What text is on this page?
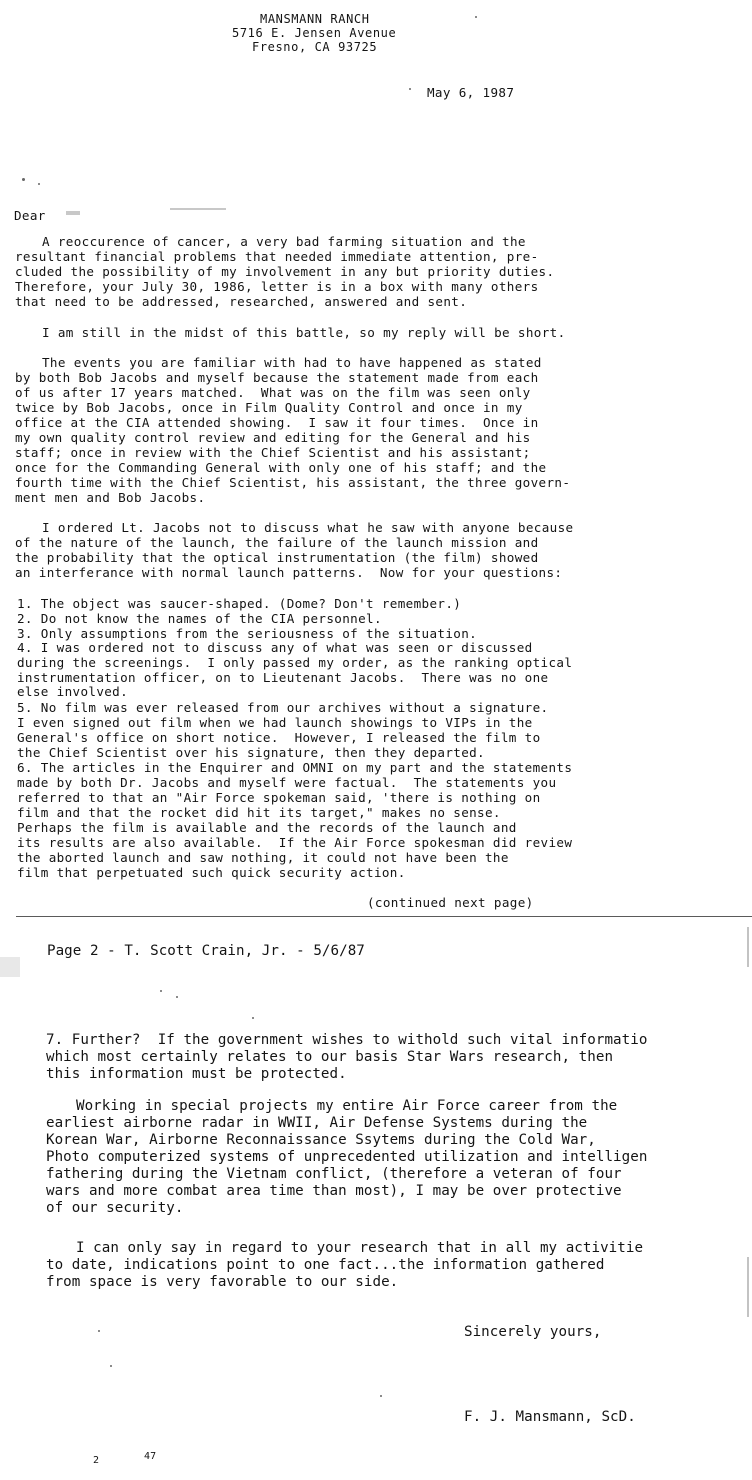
MANSMANN RANCH
5716 E. Jensen Avenue
Fresno, CA 93725
May 6, 1987
Dear
A reoccurence of cancer, a very bad farming situation and the
resultant financial problems that needed immediate attention, pre-
cluded the possibility of my involvement in any but priority duties.
Therefore, your July 30, 1986, letter is in a box with many others
that need to be addressed, researched, answered and sent.
I am still in the midst of this battle, so my reply will be short.
The events you are familiar with had to have happened as stated
by both Bob Jacobs and myself because the statement made from each
of us after 17 years matched.  What was on the film was seen only
twice by Bob Jacobs, once in Film Quality Control and once in my
office at the CIA attended showing.  I saw it four times.  Once in
my own quality control review and editing for the General and his
staff; once in review with the Chief Scientist and his assistant;
once for the Commanding General with only one of his staff; and the
fourth time with the Chief Scientist, his assistant, the three govern-
ment men and Bob Jacobs.
I ordered Lt. Jacobs not to discuss what he saw with anyone because
of the nature of the launch, the failure of the launch mission and
the probability that the optical instrumentation (the film) showed
an interferance with normal launch patterns.  Now for your questions:
1. The object was saucer-shaped. (Dome? Don't remember.)
2. Do not know the names of the CIA personnel.
3. Only assumptions from the seriousness of the situation.
4. I was ordered not to discuss any of what was seen or discussed
during the screenings.  I only passed my order, as the ranking optical
instrumentation officer, on to Lieutenant Jacobs.  There was no one
else involved.
5. No film was ever released from our archives without a signature.
I even signed out film when we had launch showings to VIPs in the
General's office on short notice.  However, I released the film to
the Chief Scientist over his signature, then they departed.
6. The articles in the Enquirer and OMNI on my part and the statements
made by both Dr. Jacobs and myself were factual.  The statements you
referred to that an "Air Force spokeman said, 'there is nothing on
film and that the rocket did hit its target," makes no sense.
Perhaps the film is available and the records of the launch and
its results are also available.  If the Air Force spokesman did review
the aborted launch and saw nothing, it could not have been the
film that perpetuated such quick security action.
(continued next page)
Page 2 - T. Scott Crain, Jr. - 5/6/87
7. Further?  If the government wishes to withold such vital informatio
which most certainly relates to our basis Star Wars research, then
this information must be protected.
Working in special projects my entire Air Force career from the
earliest airborne radar in WWII, Air Defense Systems during the
Korean War, Airborne Reconnaissance Ssytems during the Cold War,
Photo computerized systems of unprecedented utilization and intelligen
fathering during the Vietnam conflict, (therefore a veteran of four
wars and more combat area time than most), I may be over protective
of our security.
I can only say in regard to your research that in all my activitie
to date, indications point to one fact...the information gathered
from space is very favorable to our side.
Sincerely yours,
F. J. Mansmann, ScD.
2	47
